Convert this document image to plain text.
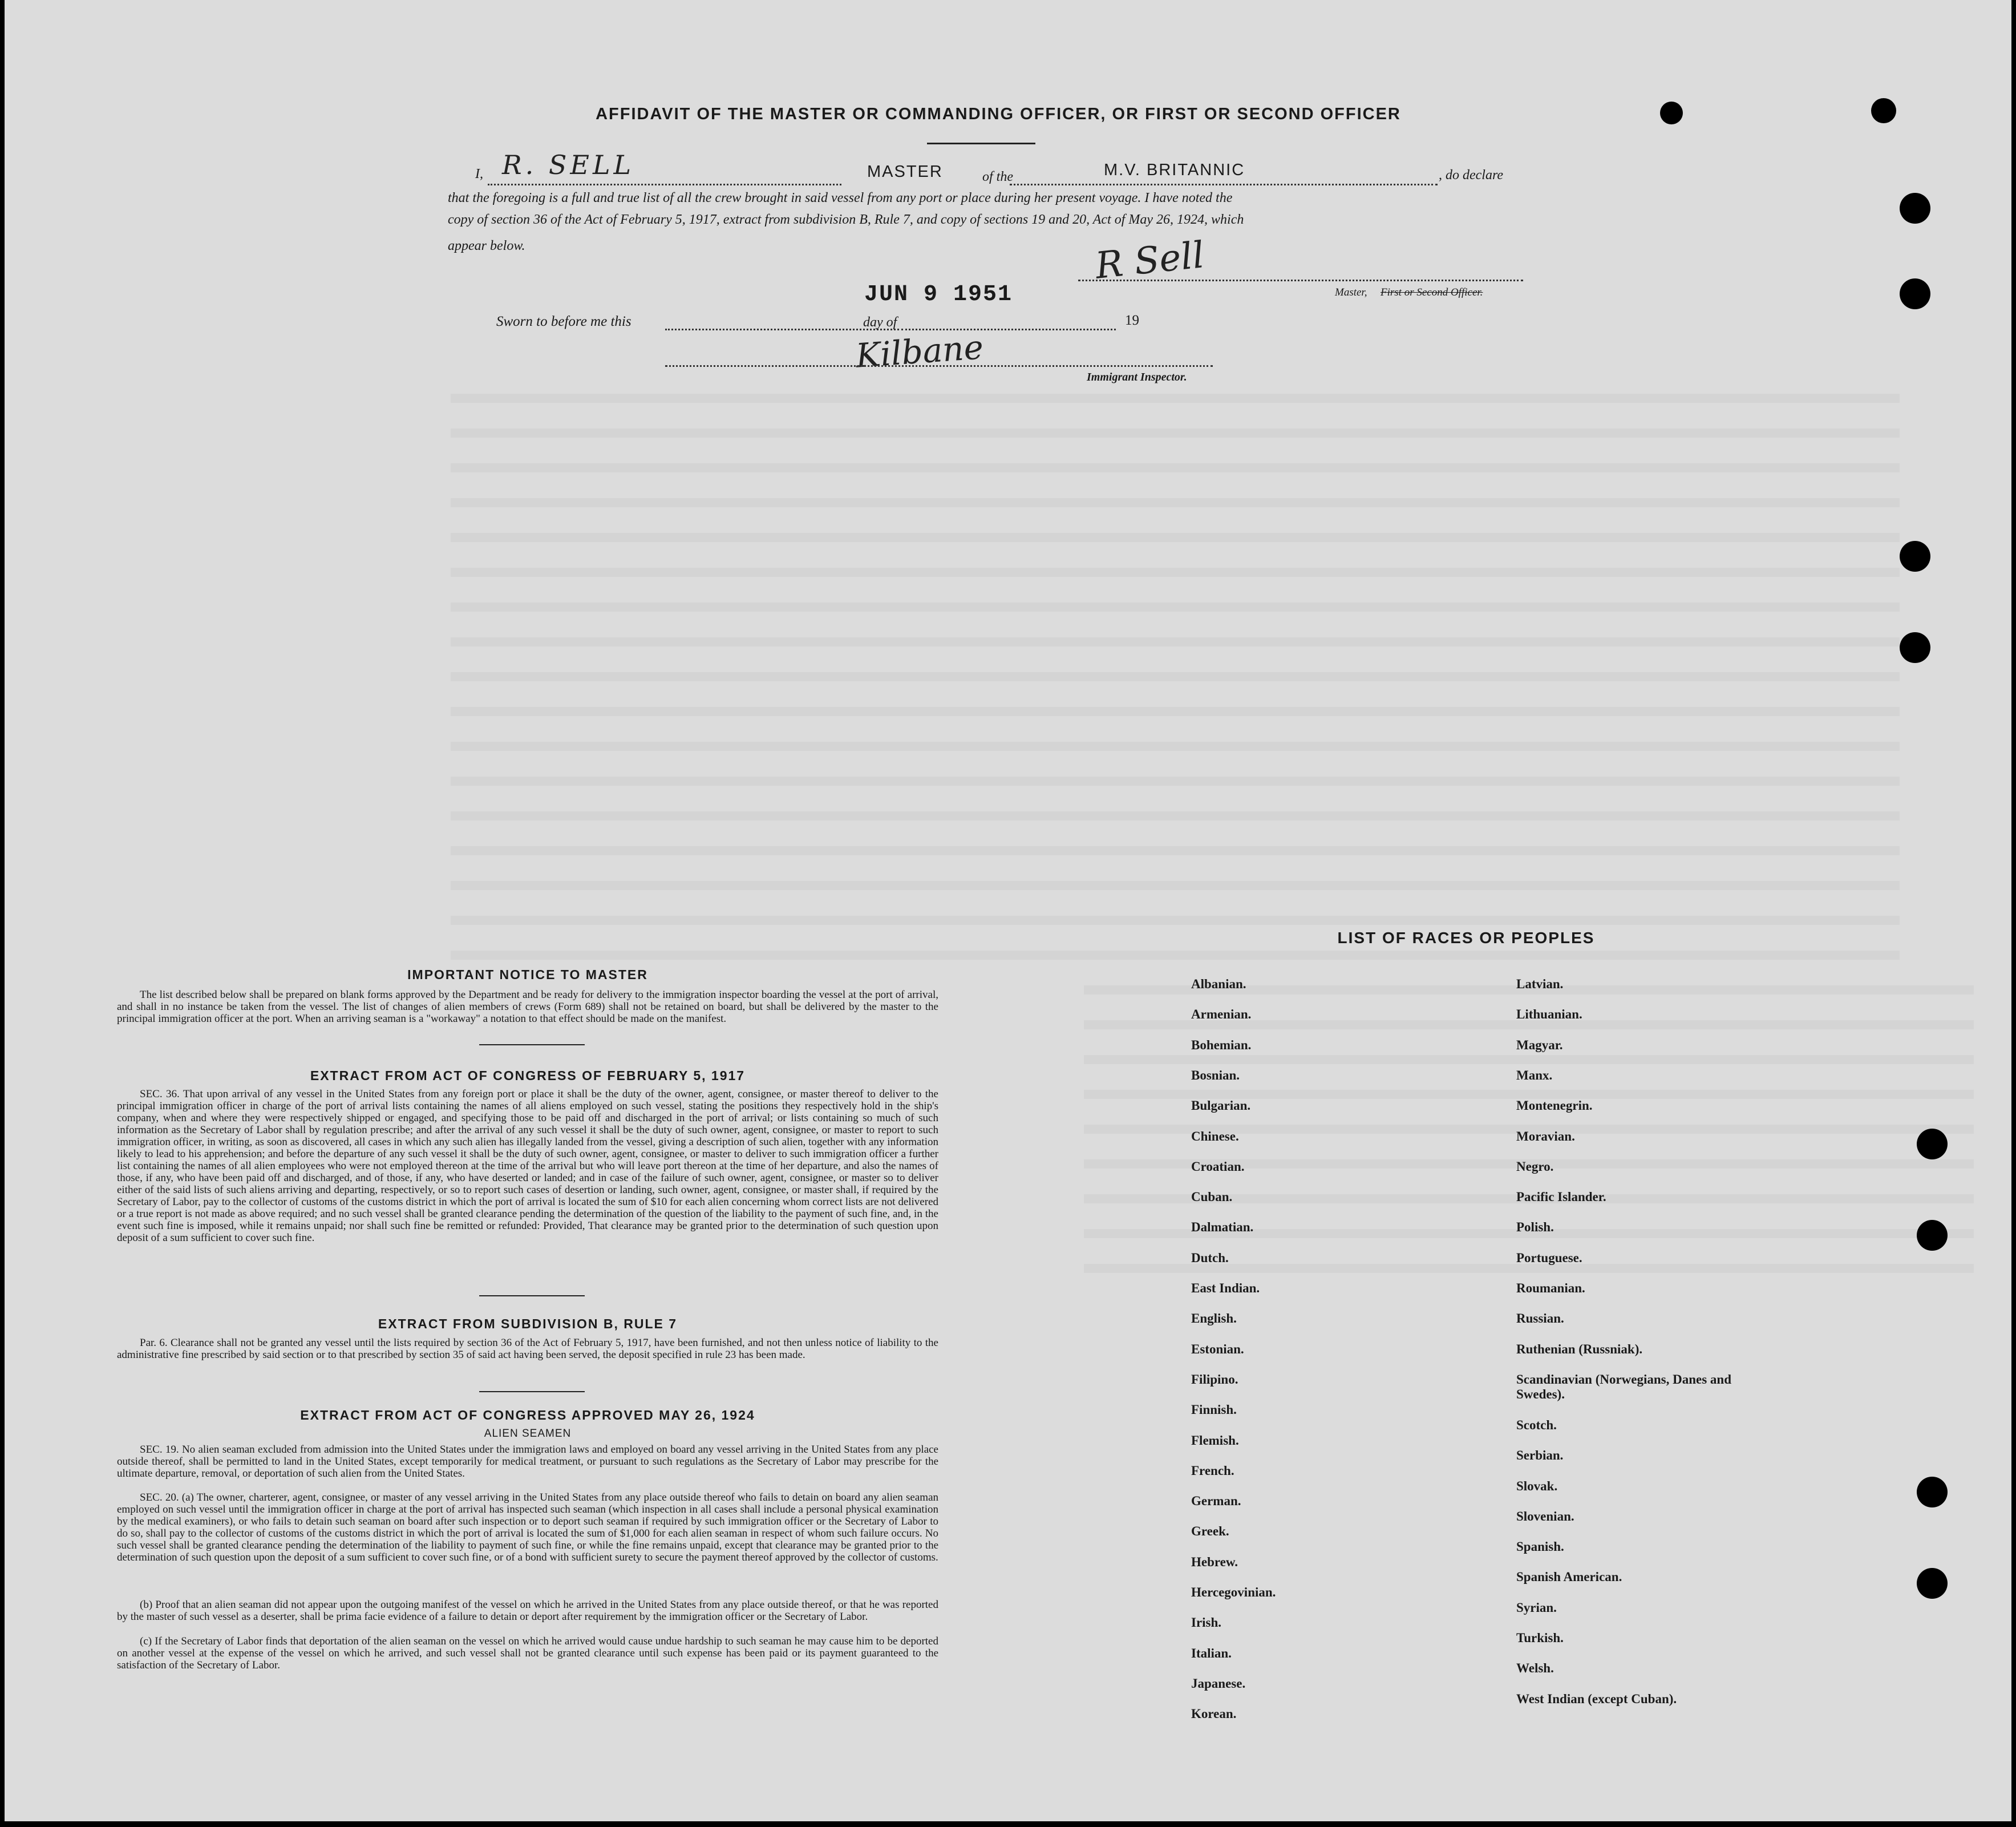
AFFIDAVIT OF THE MASTER OR COMMANDING OFFICER, OR FIRST OR SECOND OFFICER
I, R. SELL	MASTER	of the	M.V. BRITANNIC	, do declare
that the foregoing is a full and true list of all the crew brought in said vessel from any port or place during her present voyage. I have noted the
copy of section 36 of the Act of February 5, 1917, extract from subdivision B, Rule 7, and copy of sections 19 and 20, Act of May 26, 1924, which
appear below.	R Sell
Master, First or Second Officer.
Sworn to before me this
JUN 9 1951
day of	19
Kilbane
Immigrant Inspector.
IMPORTANT NOTICE TO MASTER
The list described below shall be prepared on blank forms approved by the Department and be ready for delivery to the immigration inspector boarding the vessel at the port of arrival, and shall in no instance be taken from the vessel. The list of changes of alien members of crews (Form 689) shall not be retained on board, but shall be delivered by the master to the principal immigration officer at the port. When an arriving seaman is a "workaway" a notation to that effect should be made on the manifest.
EXTRACT FROM ACT OF CONGRESS OF FEBRUARY 5, 1917
SEC. 36. That upon arrival of any vessel in the United States from any foreign port or place it shall be the duty of the owner, agent, consignee, or master thereof to deliver to the principal immigration officer in charge of the port of arrival lists containing the names of all aliens employed on such vessel, stating the positions they respectively hold in the ship's company, when and where they were respectively shipped or engaged, and specifying those to be paid off and discharged in the port of arrival; or lists containing so much of such information as the Secretary of Labor shall by regulation prescribe; and after the arrival of any such vessel it shall be the duty of such owner, agent, consignee, or master to report to such immigration officer, in writing, as soon as discovered, all cases in which any such alien has illegally landed from the vessel, giving a description of such alien, together with any information likely to lead to his apprehension; and before the departure of any such vessel it shall be the duty of such owner, agent, consignee, or master to deliver to such immigration officer a further list containing the names of all alien employees who were not employed thereon at the time of the arrival but who will leave port thereon at the time of her departure, and also the names of those, if any, who have been paid off and discharged, and of those, if any, who have deserted or landed; and in case of the failure of such owner, agent, consignee, or master so to deliver either of the said lists of such aliens arriving and departing, respectively, or so to report such cases of desertion or landing, such owner, agent, consignee, or master shall, if required by the Secretary of Labor, pay to the collector of customs of the customs district in which the port of arrival is located the sum of $10 for each alien concerning whom correct lists are not delivered or a true report is not made as above required; and no such vessel shall be granted clearance pending the determination of the question of the liability to the payment of such fine, and, in the event such fine is imposed, while it remains unpaid; nor shall such fine be remitted or refunded: Provided, That clearance may be granted prior to the determination of such question upon deposit of a sum sufficient to cover such fine.
EXTRACT FROM SUBDIVISION B, RULE 7
Par. 6. Clearance shall not be granted any vessel until the lists required by section 36 of the Act of February 5, 1917, have been furnished, and not then unless notice of liability to the administrative fine prescribed by said section or to that prescribed by section 35 of said act having been served, the deposit specified in rule 23 has been made.
EXTRACT FROM ACT OF CONGRESS APPROVED MAY 26, 1924
ALIEN SEAMEN
SEC. 19. No alien seaman excluded from admission into the United States under the immigration laws and employed on board any vessel arriving in the United States from any place outside thereof, shall be permitted to land in the United States, except temporarily for medical treatment, or pursuant to such regulations as the Secretary of Labor may prescribe for the ultimate departure, removal, or deportation of such alien from the United States.
SEC. 20. (a) The owner, charterer, agent, consignee, or master of any vessel arriving in the United States from any place outside thereof who fails to detain on board any alien seaman employed on such vessel until the immigration officer in charge at the port of arrival has inspected such seaman (which inspection in all cases shall include a personal physical examination by the medical examiners), or who fails to detain such seaman on board after such inspection or to deport such seaman if required by such immigration officer or the Secretary of Labor to do so, shall pay to the collector of customs of the customs district in which the port of arrival is located the sum of $1,000 for each alien seaman in respect of whom such failure occurs. No such vessel shall be granted clearance pending the determination of the liability to payment of such fine, or while the fine remains unpaid, except that clearance may be granted prior to the determination of such question upon the deposit of a sum sufficient to cover such fine, or of a bond with sufficient surety to secure the payment thereof approved by the collector of customs.
(b) Proof that an alien seaman did not appear upon the outgoing manifest of the vessel on which he arrived in the United States from any place outside thereof, or that he was reported by the master of such vessel as a deserter, shall be prima facie evidence of a failure to detain or deport after requirement by the immigration officer or the Secretary of Labor.
(c) If the Secretary of Labor finds that deportation of the alien seaman on the vessel on which he arrived would cause undue hardship to such seaman he may cause him to be deported on another vessel at the expense of the vessel on which he arrived, and such vessel shall not be granted clearance until such expense has been paid or its payment guaranteed to the satisfaction of the Secretary of Labor.
LIST OF RACES OR PEOPLES
Albanian.
Armenian.
Bohemian.
Bosnian.
Bulgarian.
Chinese.
Croatian.
Cuban.
Dalmatian.
Dutch.
East Indian.
English.
Estonian.
Filipino.
Finnish.
Flemish.
French.
German.
Greek.
Hebrew.
Hercegovinian.
Irish.
Italian.
Japanese.
Korean.
Latvian.
Lithuanian.
Magyar.
Manx.
Montenegrin.
Moravian.
Negro.
Pacific Islander.
Polish.
Portuguese.
Roumanian.
Russian.
Ruthenian (Russniak).
Scandinavian (Norwegians, Danes and Swedes).
Scotch.
Serbian.
Slovak.
Slovenian.
Spanish.
Spanish American.
Syrian.
Turkish.
Welsh.
West Indian (except Cuban).
